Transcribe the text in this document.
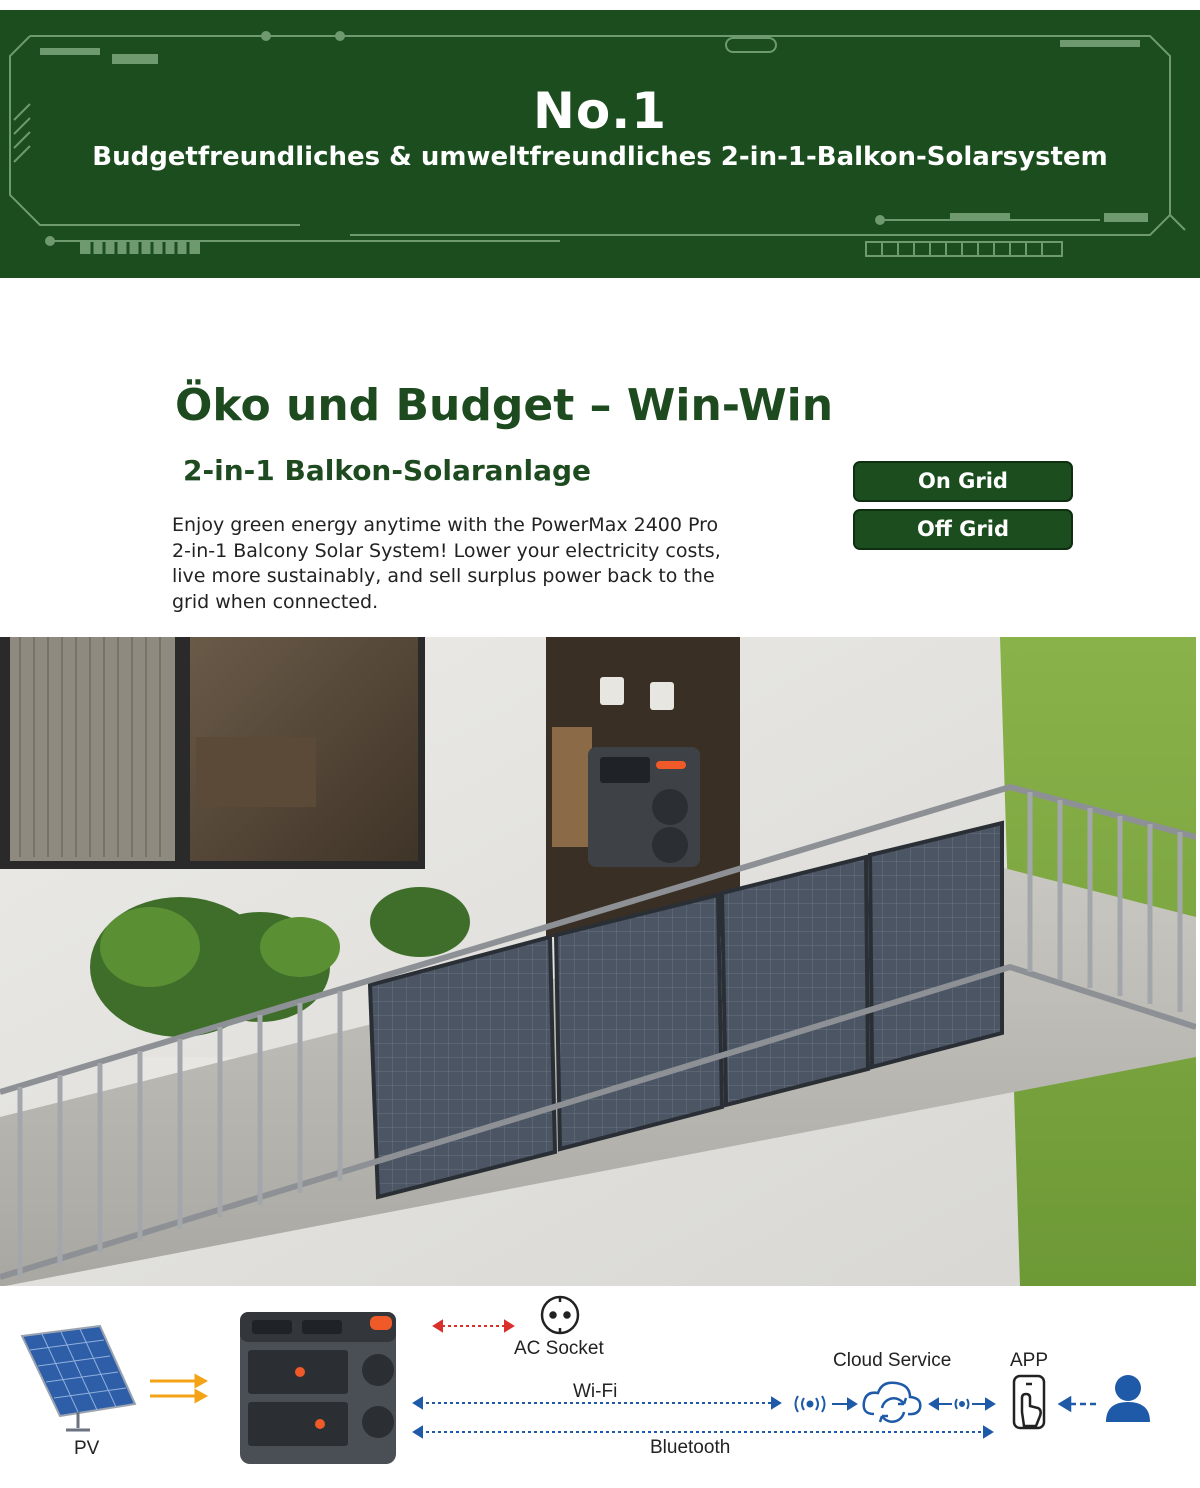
No.1
Budgetfreundliches & umweltfreundliches 2-in-1-Balkon-Solarsystem
Öko und Budget – Win-Win
2-in-1 Balkon-Solaranlage

Enjoy green energy anytime with the PowerMax 2400 Pro 2-in-1 Balcony Solar System! Lower your electricity costs, live more sustainably, and sell surplus power back to the grid when connected.

On Grid
Off Grid
PV
AC Socket
Wi-Fi
Bluetooth
Cloud Service	APP
